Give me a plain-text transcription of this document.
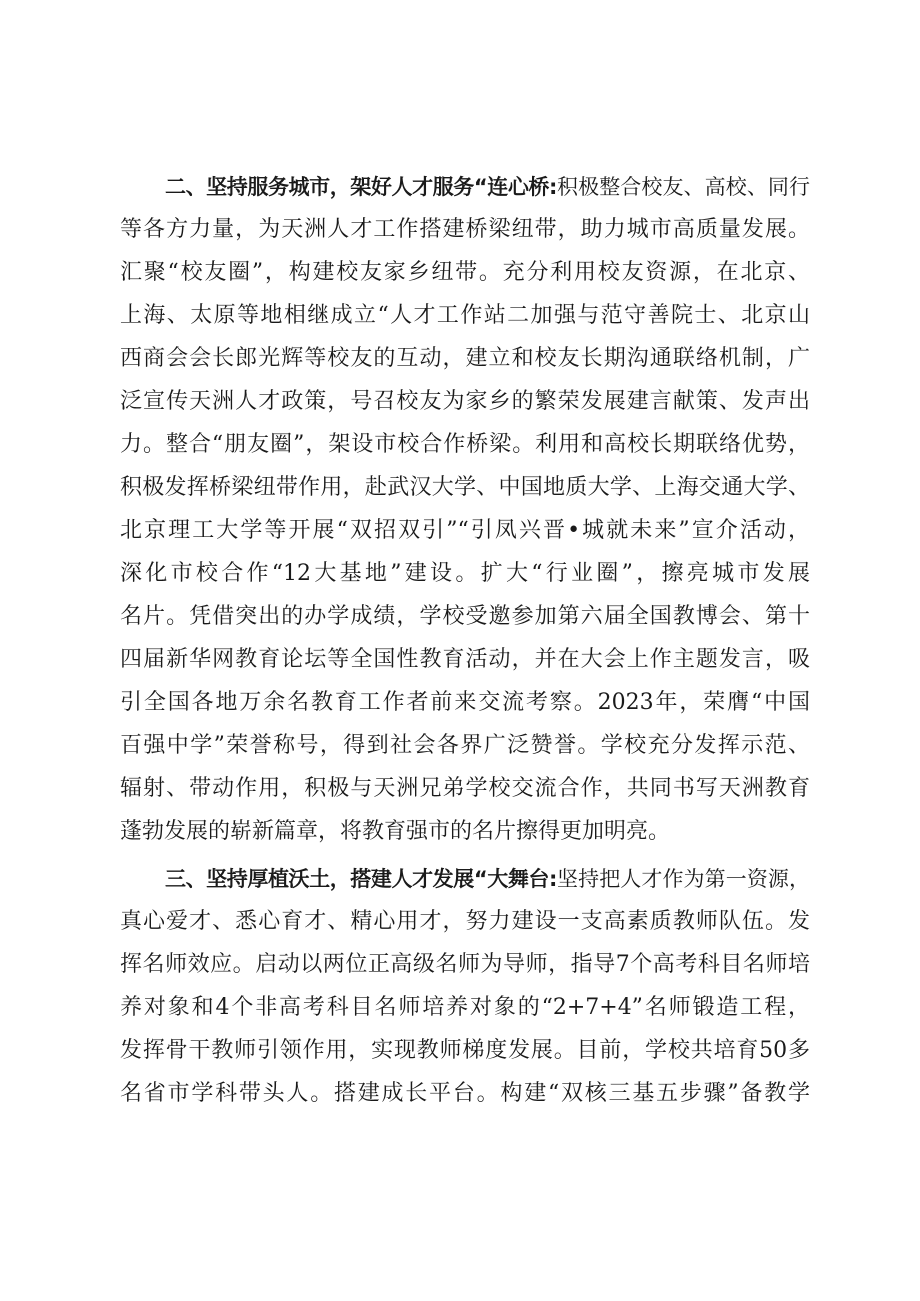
二、坚持服务城市，架好人才服务“连心桥:积极整合校友、高校、同行
等各方力量，为天洲人才工作搭建桥梁纽带，助力城市高质量发展。
汇聚“校友圈”，构建校友家乡纽带。充分利用校友资源，在北京、
上海、太原等地相继成立“人才工作站二加强与范守善院士、北京山
西商会会长郎光辉等校友的互动，建立和校友长期沟通联络机制，广
泛宣传天洲人才政策，号召校友为家乡的繁荣发展建言献策、发声出
力。整合“朋友圈”，架设市校合作桥梁。利用和高校长期联络优势，
积极发挥桥梁纽带作用，赴武汉大学、中国地质大学、上海交通大学、
北京理工大学等开展“双招双引”“引凤兴晋•城就未来”宣介活动，
深化市校合作“12大基地”建设。扩大“行业圈”，擦亮城市发展
名片。凭借突出的办学成绩，学校受邀参加第六届全国教博会、第十
四届新华网教育论坛等全国性教育活动，并在大会上作主题发言，吸
引全国各地万余名教育工作者前来交流考察。2023年，荣膺“中国
百强中学”荣誉称号，得到社会各界广泛赞誉。学校充分发挥示范、
辐射、带动作用，积极与天洲兄弟学校交流合作，共同书写天洲教育
蓬勃发展的崭新篇章，将教育强市的名片擦得更加明亮。
三、坚持厚植沃土，搭建人才发展“大舞台:坚持把人才作为第一资源，
真心爱才、悉心育才、精心用才，努力建设一支高素质教师队伍。发
挥名师效应。启动以两位正高级名师为导师，指导7个高考科目名师培
养对象和4个非高考科目名师培养对象的“2+7+4”名师锻造工程，
发挥骨干教师引领作用，实现教师梯度发展。目前，学校共培育50多
名省市学科带头人。搭建成长平台。构建“双核三基五步骤”备教学
